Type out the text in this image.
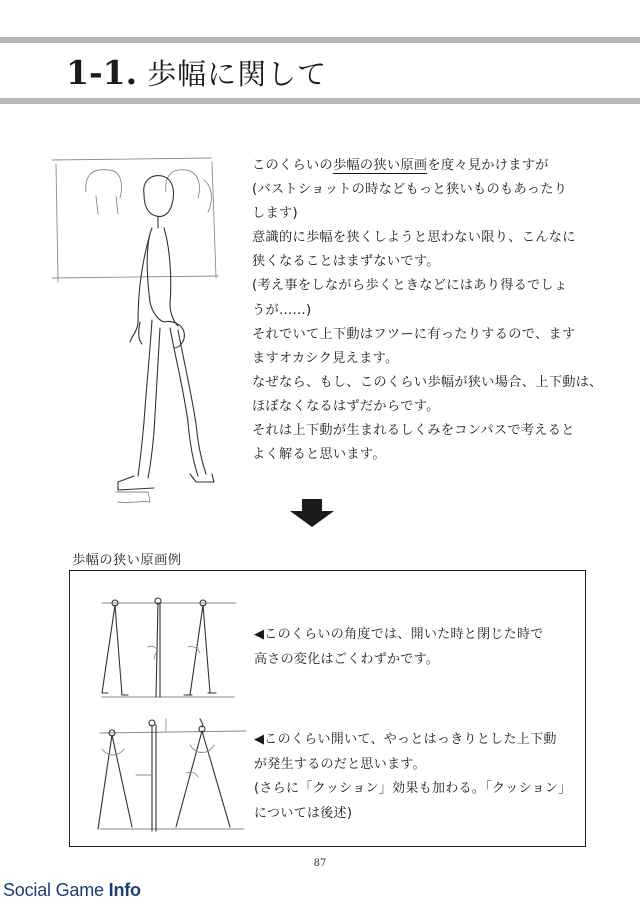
1-1. 歩幅に関して

このくらいの歩幅の狭い原画を度々見かけますが

(バストショットの時などもっと狭いものもあったり

します)

意識的に歩幅を狭くしようと思わない限り、こんなに

狭くなることはまずないです。

(考え事をしながら歩くときなどにはあり得るでしょ

うが……)

それでいて上下動はフツーに有ったりするので、ます

ますオカシク見えます。

なぜなら、もし、このくらい歩幅が狭い場合、上下動は、

ほぼなくなるはずだからです。

それは上下動が生まれるしくみをコンパスで考えると

よく解ると思います。

歩幅の狭い原画例

◀このくらいの角度では、開いた時と閉じた時で

高さの変化はごくわずかです。

◀このくらい開いて、やっとはっきりとした上下動

が発生するのだと思います。

(さらに「クッション」効果も加わる。「クッション」

については後述)

87
Social Game Info
